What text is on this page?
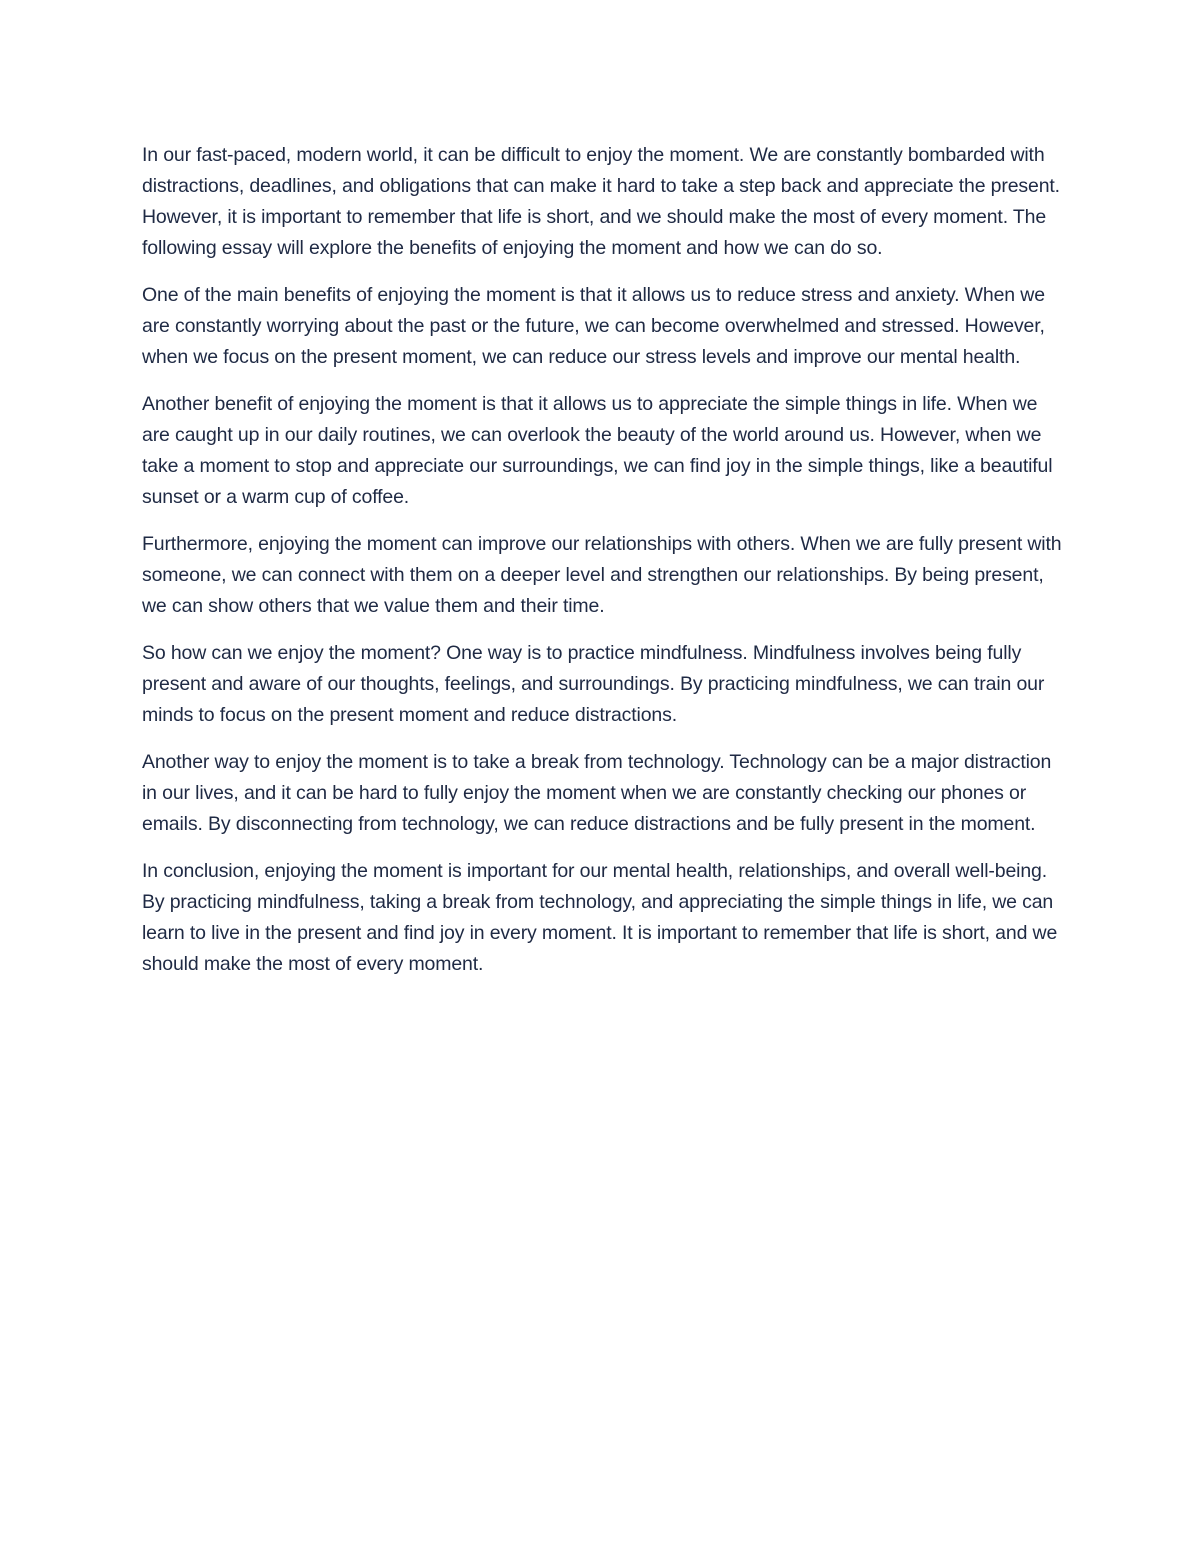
In our fast-paced, modern world, it can be difficult to enjoy the moment. We are constantly bombarded with distractions, deadlines, and obligations that can make it hard to take a step back and appreciate the present. However, it is important to remember that life is short, and we should make the most of every moment. The following essay will explore the benefits of enjoying the moment and how we can do so.

One of the main benefits of enjoying the moment is that it allows us to reduce stress and anxiety. When we are constantly worrying about the past or the future, we can become overwhelmed and stressed. However, when we focus on the present moment, we can reduce our stress levels and improve our mental health.

Another benefit of enjoying the moment is that it allows us to appreciate the simple things in life. When we are caught up in our daily routines, we can overlook the beauty of the world around us. However, when we take a moment to stop and appreciate our surroundings, we can find joy in the simple things, like a beautiful sunset or a warm cup of coffee.

Furthermore, enjoying the moment can improve our relationships with others. When we are fully present with someone, we can connect with them on a deeper level and strengthen our relationships. By being present, we can show others that we value them and their time.

So how can we enjoy the moment? One way is to practice mindfulness. Mindfulness involves being fully present and aware of our thoughts, feelings, and surroundings. By practicing mindfulness, we can train our minds to focus on the present moment and reduce distractions.

Another way to enjoy the moment is to take a break from technology. Technology can be a major distraction in our lives, and it can be hard to fully enjoy the moment when we are constantly checking our phones or emails. By disconnecting from technology, we can reduce distractions and be fully present in the moment.

In conclusion, enjoying the moment is important for our mental health, relationships, and overall well-being. By practicing mindfulness, taking a break from technology, and appreciating the simple things in life, we can learn to live in the present and find joy in every moment. It is important to remember that life is short, and we should make the most of every moment.
